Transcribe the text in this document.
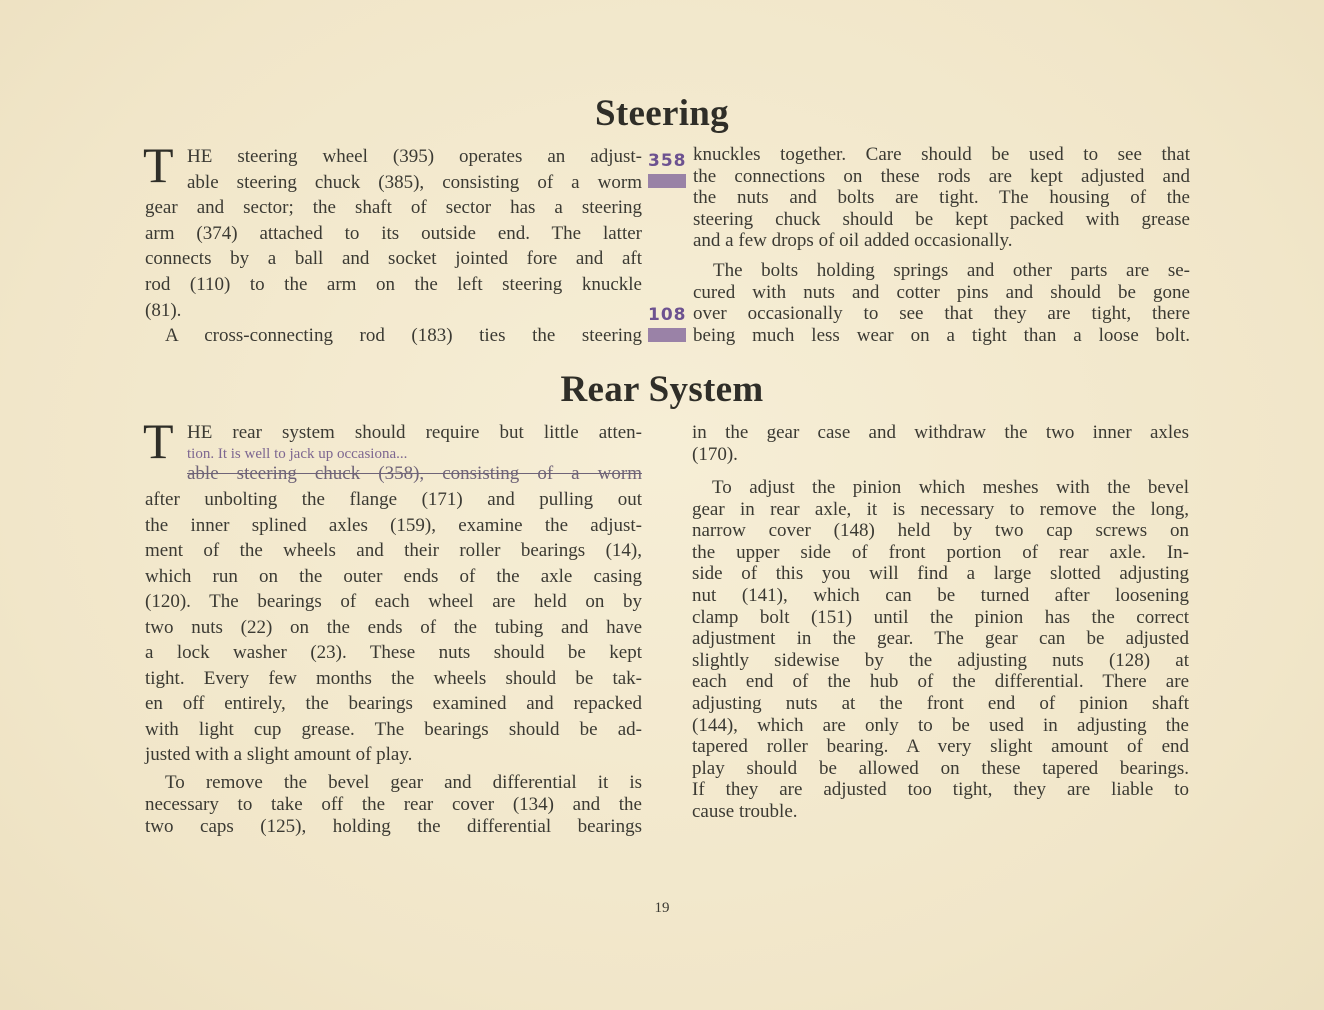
Steering
Rear System
T
T
HE steering wheel (395) operates an adjust-
able steering chuck (385), consisting of a worm
gear and sector; the shaft of sector has a steering
arm (374) attached to its outside end. The latter
connects by a ball and socket jointed fore and aft
rod (110) to the arm on the left steering knuckle
(81).
A cross-connecting rod (183) ties the steering
knuckles together. Care should be used to see that
the connections on these rods are kept adjusted and
the nuts and bolts are tight. The housing of the
steering chuck should be kept packed with grease
and a few drops of oil added occasionally.
The bolts holding springs and other parts are se-
cured with nuts and cotter pins and should be gone
over occasionally to see that they are tight, there
being much less wear on a tight than a loose bolt.
after unbolting the flange (171) and pulling out
the inner splined axles (159), examine the adjust-
ment of the wheels and their roller bearings (14),
which run on the outer ends of the axle casing
(120). The bearings of each wheel are held on by
two nuts (22) on the ends of the tubing and have
a lock washer (23). These nuts should be kept
tight. Every few months the wheels should be tak-
en off entirely, the bearings examined and repacked
with light cup grease. The bearings should be ad-
justed with a slight amount of play.
To remove the bevel gear and differential it is
necessary to take off the rear cover (134) and the
two caps (125), holding the differential bearings
in the gear case and withdraw the two inner axles
(170).
To adjust the pinion which meshes with the bevel
gear in rear axle, it is necessary to remove the long,
narrow cover (148) held by two cap screws on
the upper side of front portion of rear axle. In-
side of this you will find a large slotted adjusting
nut (141), which can be turned after loosening
clamp bolt (151) until the pinion has the correct
adjustment in the gear. The gear can be adjusted
slightly sidewise by the adjusting nuts (128) at
each end of the hub of the differential. There are
adjusting nuts at the front end of pinion shaft
(144), which are only to be used in adjusting the
tapered roller bearing. A very slight amount of end
play should be allowed on these tapered bearings.
If they are adjusted too tight, they are liable to
cause trouble.
HE rear system should require but little atten-
tion. It is well to jack up occasiona...
able steering chuck (358), consisting of a worm
358
108
19
